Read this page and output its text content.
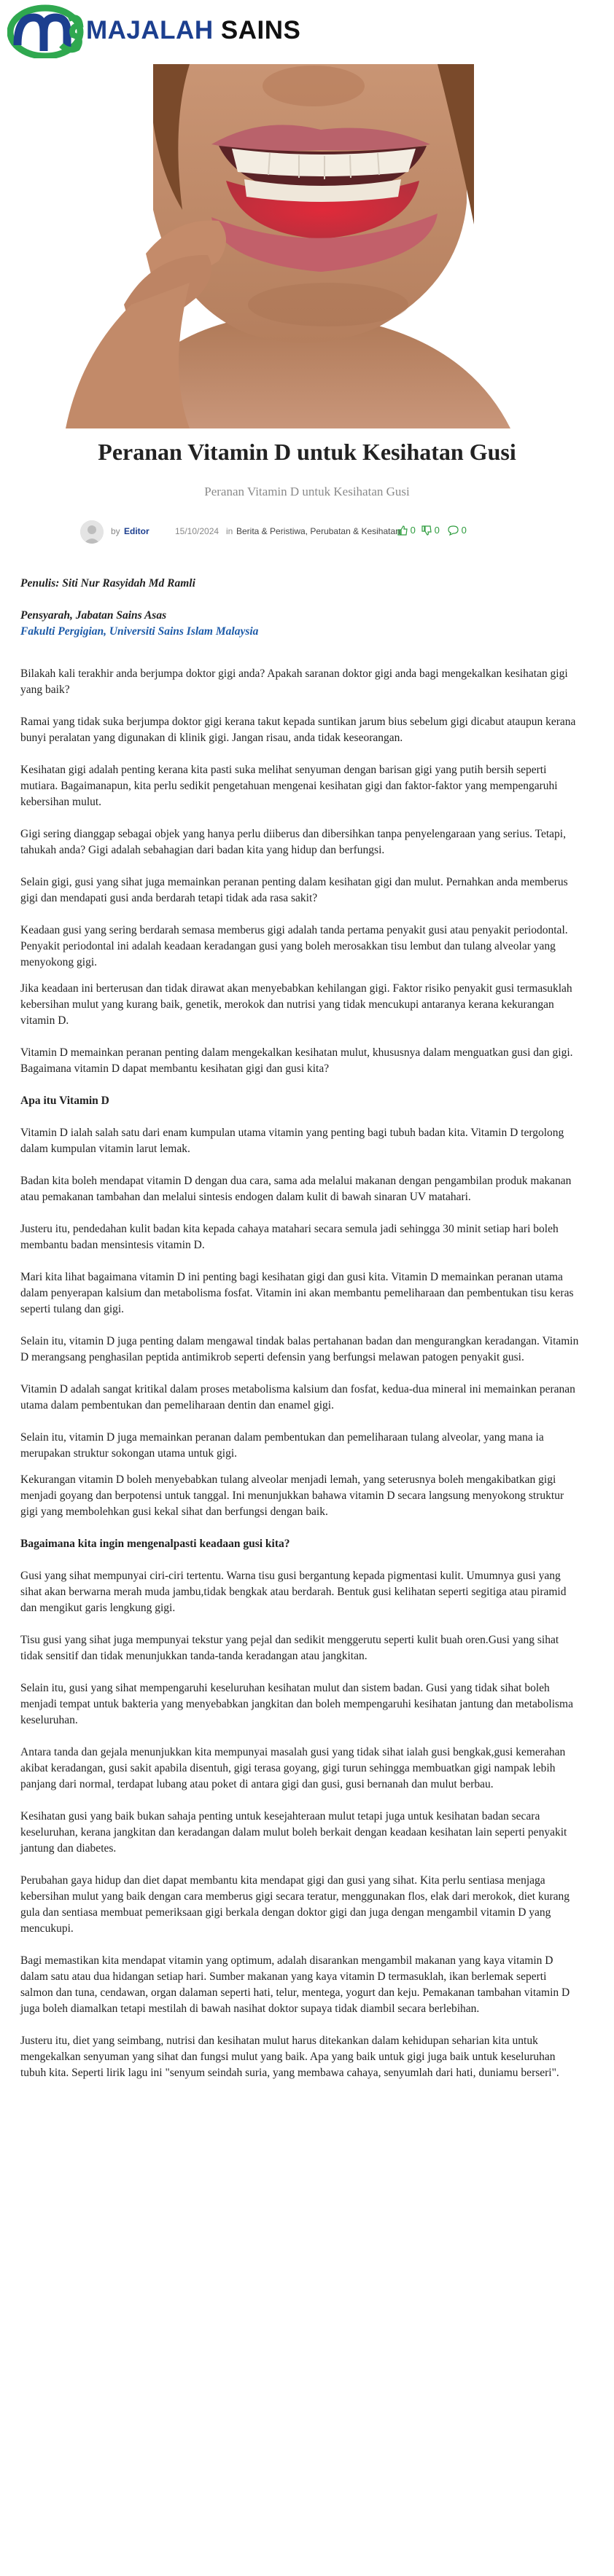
MAJALAH SAINS
Peranan Vitamin D untuk Kesihatan Gusi

Peranan Vitamin D untuk Kesihatan Gusi

by Editor	15/10/2024 in Berita & Peristiwa, Perubatan & Kesihatan	0	0	0

Penulis: Siti Nur Rasyidah Md Ramli

Pensyarah, Jabatan Sains Asas

Fakulti Pergigian, Universiti Sains Islam Malaysia

Bilakah kali terakhir anda berjumpa doktor gigi anda? Apakah saranan doktor gigi anda bagi mengekalkan kesihatan gigi yang baik?

Ramai yang tidak suka berjumpa doktor gigi kerana takut kepada suntikan jarum bius sebelum gigi dicabut ataupun kerana bunyi peralatan yang digunakan di klinik gigi. Jangan risau, anda tidak keseorangan.

Kesihatan gigi adalah penting kerana kita pasti suka melihat senyuman dengan barisan gigi yang putih bersih seperti mutiara. Bagaimanapun, kita perlu sedikit pengetahuan mengenai kesihatan gigi dan faktor-faktor yang mempengaruhi kebersihan mulut.

Gigi sering dianggap sebagai objek yang hanya perlu diiberus dan dibersihkan tanpa penyelengaraan yang serius. Tetapi, tahukah anda? Gigi adalah sebahagian dari badan kita yang hidup dan berfungsi.

Selain gigi, gusi yang sihat juga memainkan peranan penting dalam kesihatan gigi dan mulut. Pernahkan anda memberus gigi dan mendapati gusi anda berdarah tetapi tidak ada rasa sakit?

Keadaan gusi yang sering berdarah semasa memberus gigi adalah tanda pertama penyakit gusi atau penyakit periodontal. Penyakit periodontal ini adalah keadaan keradangan gusi yang boleh merosakkan tisu lembut dan tulang alveolar yang menyokong gigi.

Jika keadaan ini berterusan dan tidak dirawat akan menyebabkan kehilangan gigi. Faktor risiko penyakit gusi termasuklah kebersihan mulut yang kurang baik, genetik, merokok dan nutrisi yang tidak mencukupi antaranya kerana kekurangan vitamin D.

Vitamin D memainkan peranan penting dalam mengekalkan kesihatan mulut, khususnya dalam menguatkan gusi dan gigi. Bagaimana vitamin D dapat membantu kesihatan gigi dan gusi kita?

Apa itu Vitamin D

Vitamin D ialah salah satu dari enam kumpulan utama vitamin yang penting bagi tubuh badan kita. Vitamin D tergolong dalam kumpulan vitamin larut lemak.

Badan kita boleh mendapat vitamin D dengan dua cara, sama ada melalui makanan dengan pengambilan produk makanan atau pemakanan tambahan dan melalui sintesis endogen dalam kulit di bawah sinaran UV matahari.

Justeru itu, pendedahan kulit badan kita kepada cahaya matahari secara semula jadi sehingga 30 minit setiap hari boleh membantu badan mensintesis vitamin D.

Mari kita lihat bagaimana vitamin D ini penting bagi kesihatan gigi dan gusi kita. Vitamin D memainkan peranan utama dalam penyerapan kalsium dan metabolisma fosfat. Vitamin ini akan membantu pemeliharaan dan pembentukan tisu keras seperti tulang dan gigi.

Selain itu, vitamin D juga penting dalam mengawal tindak balas pertahanan badan dan mengurangkan keradangan. Vitamin D merangsang penghasilan peptida antimikrob seperti defensin yang berfungsi melawan patogen penyakit gusi.

Vitamin D adalah sangat kritikal dalam proses metabolisma kalsium dan fosfat, kedua-dua mineral ini memainkan peranan utama dalam pembentukan dan pemeliharaan dentin dan enamel gigi.

Selain itu, vitamin D juga memainkan peranan dalam pembentukan dan pemeliharaan tulang alveolar, yang mana ia merupakan struktur sokongan utama untuk gigi.

Kekurangan vitamin D boleh menyebabkan tulang alveolar menjadi lemah, yang seterusnya boleh mengakibatkan gigi menjadi goyang dan berpotensi untuk tanggal. Ini menunjukkan bahawa vitamin D secara langsung menyokong struktur gigi yang membolehkan gusi kekal sihat dan berfungsi dengan baik.

Bagaimana kita ingin mengenalpasti keadaan gusi kita?

Gusi yang sihat mempunyai ciri-ciri tertentu. Warna tisu gusi bergantung kepada pigmentasi kulit. Umumnya gusi yang sihat akan berwarna merah muda jambu,tidak bengkak atau berdarah. Bentuk gusi kelihatan seperti segitiga atau piramid dan mengikut garis lengkung gigi.

Tisu gusi yang sihat juga mempunyai tekstur yang pejal dan sedikit menggerutu seperti kulit buah oren.Gusi yang sihat tidak sensitif dan tidak menunjukkan tanda-tanda keradangan atau jangkitan.

Selain itu, gusi yang sihat mempengaruhi keseluruhan kesihatan mulut dan sistem badan. Gusi yang tidak sihat boleh menjadi tempat untuk bakteria yang menyebabkan jangkitan dan boleh mempengaruhi kesihatan jantung dan metabolisma keseluruhan.

Antara tanda dan gejala menunjukkan kita mempunyai masalah gusi yang tidak sihat ialah gusi bengkak,gusi kemerahan akibat keradangan, gusi sakit apabila disentuh, gigi terasa goyang, gigi turun sehingga membuatkan gigi nampak lebih panjang dari normal, terdapat lubang atau poket di antara gigi dan gusi, gusi bernanah dan mulut berbau.

Kesihatan gusi yang baik bukan sahaja penting untuk kesejahteraan mulut tetapi juga untuk kesihatan badan secara keseluruhan, kerana jangkitan dan keradangan dalam mulut boleh berkait dengan keadaan kesihatan lain seperti penyakit jantung dan diabetes.

Perubahan gaya hidup dan diet dapat membantu kita mendapat gigi dan gusi yang sihat. Kita perlu sentiasa menjaga kebersihan mulut yang baik dengan cara memberus gigi secara teratur, menggunakan flos, elak dari merokok, diet kurang gula dan sentiasa membuat pemeriksaan gigi berkala dengan doktor gigi dan juga dengan mengambil vitamin D yang mencukupi.

Bagi memastikan kita mendapat vitamin yang optimum, adalah disarankan mengambil makanan yang kaya vitamin D dalam satu atau dua hidangan setiap hari. Sumber makanan yang kaya vitamin D termasuklah, ikan berlemak seperti salmon dan tuna, cendawan, organ dalaman seperti hati, telur, mentega, yogurt dan keju. Pemakanan tambahan vitamin D juga boleh diamalkan tetapi mestilah di bawah nasihat doktor supaya tidak diambil secara berlebihan.

Justeru itu, diet yang seimbang, nutrisi dan kesihatan mulut harus ditekankan dalam kehidupan seharian kita untuk mengekalkan senyuman yang sihat dan fungsi mulut yang baik. Apa yang baik untuk gigi juga baik untuk keseluruhan tubuh kita. Seperti lirik lagu ini "senyum seindah suria, yang membawa cahaya, senyumlah dari hati, duniamu berseri".
